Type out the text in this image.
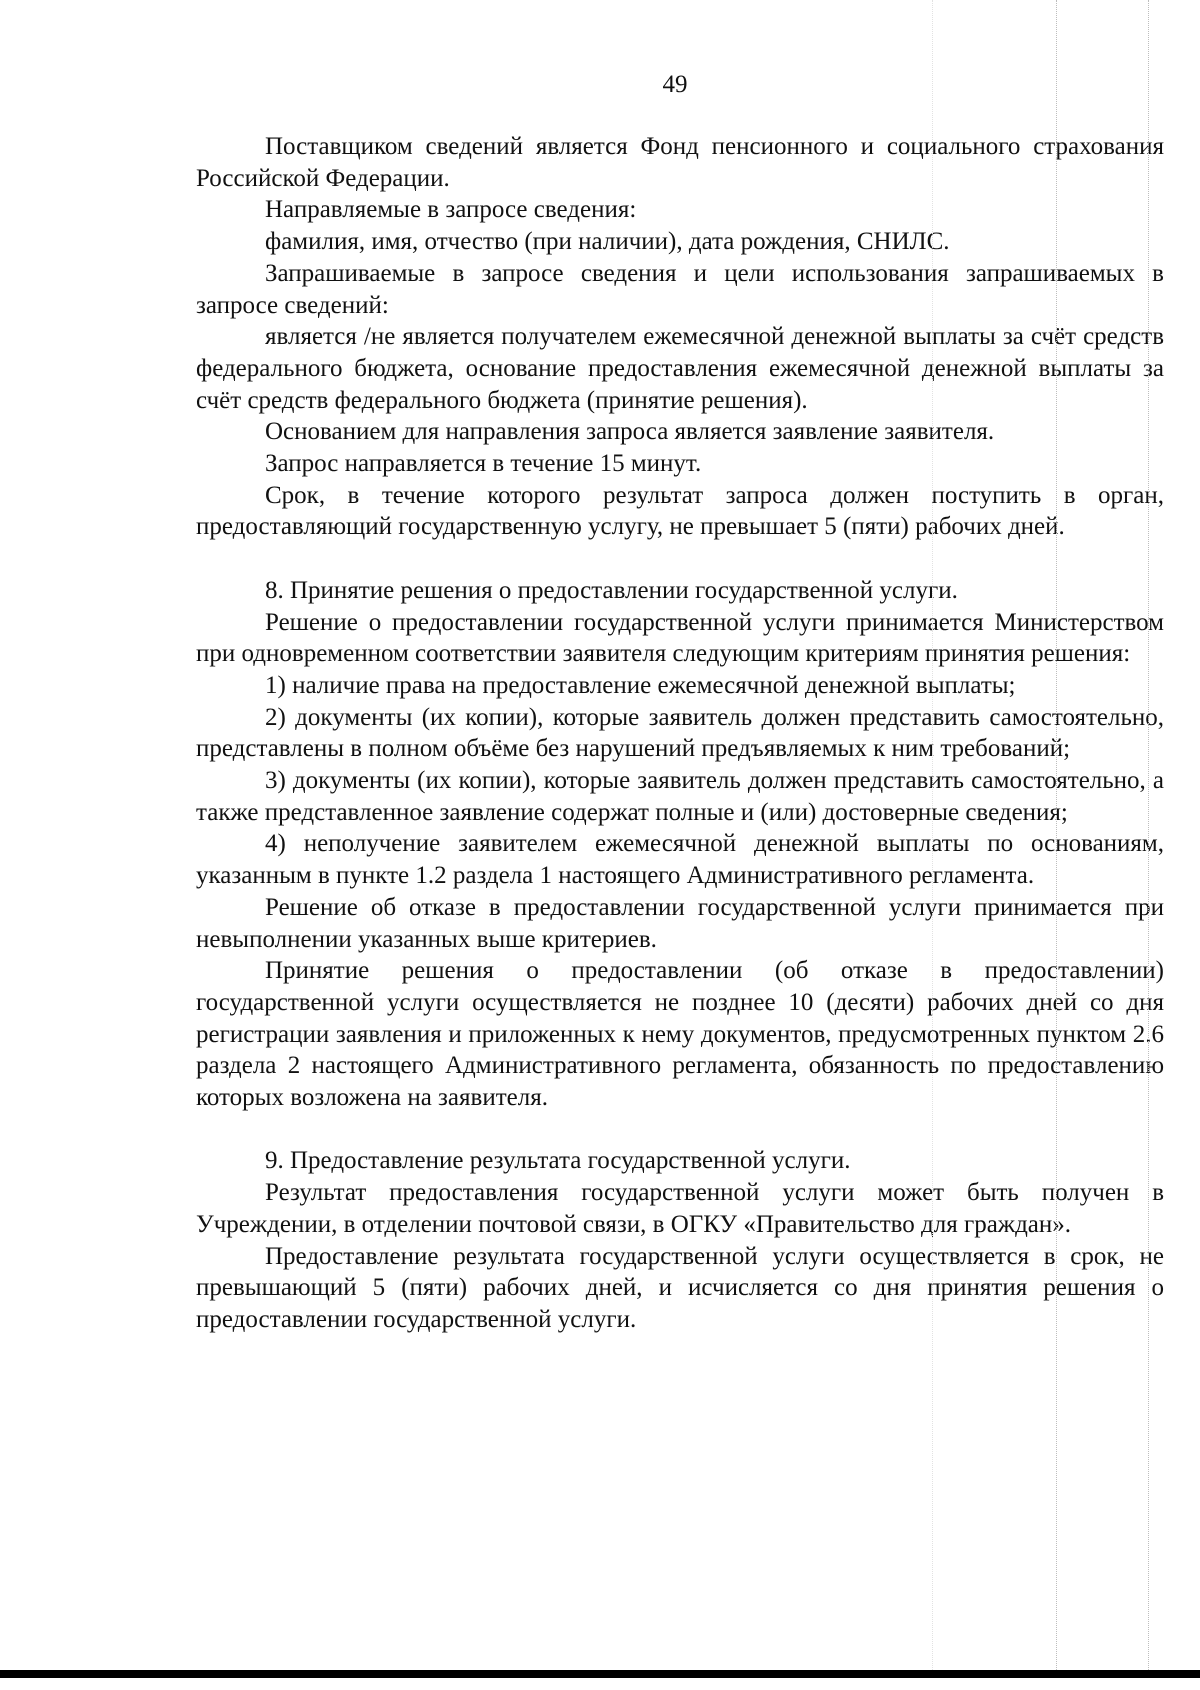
49

Поставщиком сведений является Фонд пенсионного и социального страхования Российской Федерации.

Направляемые в запросе сведения:

фамилия, имя, отчество (при наличии), дата рождения, СНИЛС.

Запрашиваемые в запросе сведения и цели использования запрашиваемых в запросе сведений:

является /не является получателем ежемесячной денежной выплаты за счёт средств федерального бюджета, основание предоставления ежемесячной денежной выплаты за счёт средств федерального бюджета (принятие решения).

Основанием для направления запроса является заявление заявителя.

Запрос направляется в течение 15 минут.

Срок, в течение которого результат запроса должен поступить в орган, предоставляющий государственную услугу, не превышает 5 (пяти) рабочих дней.

8. Принятие решения о предоставлении государственной услуги.

Решение о предоставлении государственной услуги принимается Министерством при одновременном соответствии заявителя следующим критериям принятия решения:

1) наличие права на предоставление ежемесячной денежной выплаты;

2) документы (их копии), которые заявитель должен представить самостоятельно, представлены в полном объёме без нарушений предъявляемых к ним требований;

3) документы (их копии), которые заявитель должен представить самостоятельно, а также представленное заявление содержат полные и (или) достоверные сведения;

4) неполучение заявителем ежемесячной денежной выплаты по основаниям, указанным в пункте 1.2 раздела 1 настоящего Административного регламента.

Решение об отказе в предоставлении государственной услуги принимается при невыполнении указанных выше критериев.

Принятие решения о предоставлении (об отказе в предоставлении) государственной услуги осуществляется не позднее 10 (десяти) рабочих дней со дня регистрации заявления и приложенных к нему документов, предусмотренных пунктом 2.6 раздела 2 настоящего Административного регламента, обязанность по предоставлению которых возложена на заявителя.

9. Предоставление результата государственной услуги.

Результат предоставления государственной услуги может быть получен в Учреждении, в отделении почтовой связи, в ОГКУ «Правительство для граждан».

Предоставление результата государственной услуги осуществляется в срок, не превышающий 5 (пяти) рабочих дней, и исчисляется со дня принятия решения о предоставлении государственной услуги.
